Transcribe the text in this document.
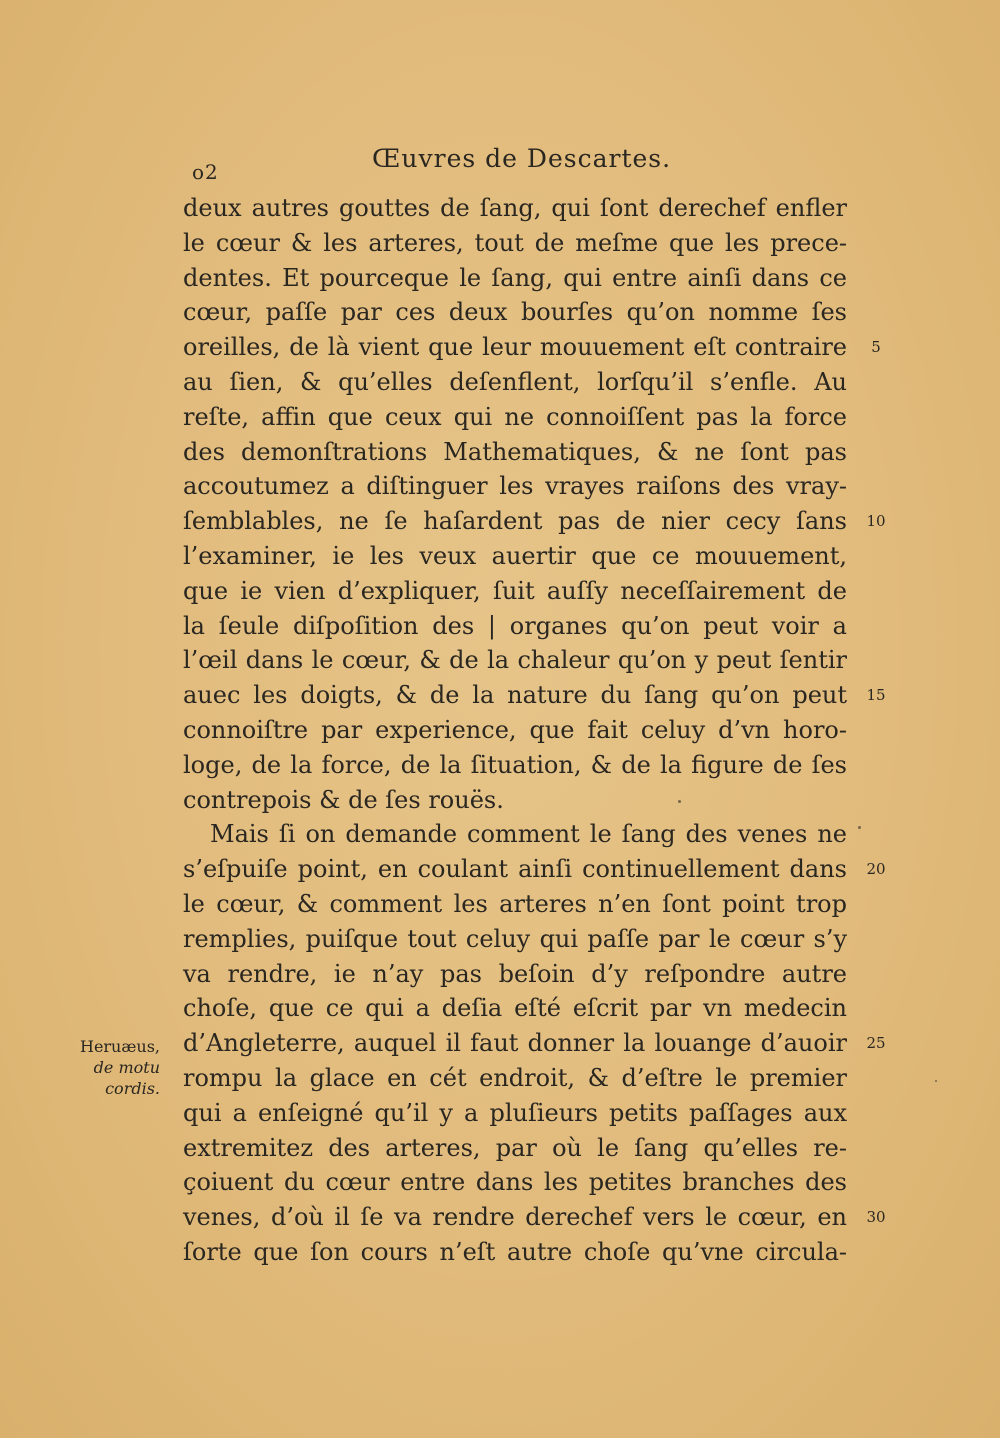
o2	Œuvres de Descartes.
deux autres gouttes de ſang, qui ſont derechef enfler
le cœur & les arteres, tout de meſme que les prece-
dentes. Et pourceque le ſang, qui entre ainſi dans ce
cœur, paſſe par ces deux bourſes qu’on nomme ſes
oreilles, de là vient que leur mouuement eſt contraire
au ſien, & qu’elles deſenflent, lorſqu’il s’enfle. Au
reſte, affin que ceux qui ne connoiſſent pas la force
des demonſtrations Mathematiques, & ne ſont pas
accoutumez a diſtinguer les vrayes raiſons des vray-
ſemblables, ne ſe haſardent pas de nier cecy ſans
l’examiner, ie les veux auertir que ce mouuement,
que ie vien d’expliquer, ſuit auſſy neceſſairement de
la ſeule diſpoſition des | organes qu’on peut voir a
l’œil dans le cœur, & de la chaleur qu’on y peut ſentir
auec les doigts, & de la nature du ſang qu’on peut
connoiſtre par experience, que fait celuy d’vn horo-
loge, de la force, de la ſituation, & de la figure de ſes
contrepois & de ſes rouës.
Mais ſi on demande comment le ſang des venes ne
s’eſpuiſe point, en coulant ainſi continuellement dans
le cœur, & comment les arteres n’en ſont point trop
remplies, puiſque tout celuy qui paſſe par le cœur s’y
va rendre, ie n’ay pas beſoin d’y reſpondre autre
choſe, que ce qui a deſia eſté eſcrit par vn medecin
d’Angleterre, auquel il faut donner la louange d’auoir
rompu la glace en cét endroit, & d’eſtre le premier
qui a enſeigné qu’il y a pluſieurs petits paſſages aux
extremitez des arteres, par où le ſang qu’elles re-
çoiuent du cœur entre dans les petites branches des
venes, d’où il ſe va rendre derechef vers le cœur, en
ſorte que ſon cours n’eſt autre choſe qu’vne circula-
5
10
15
20
25
30
Heruæus,
de motu
cordis.
